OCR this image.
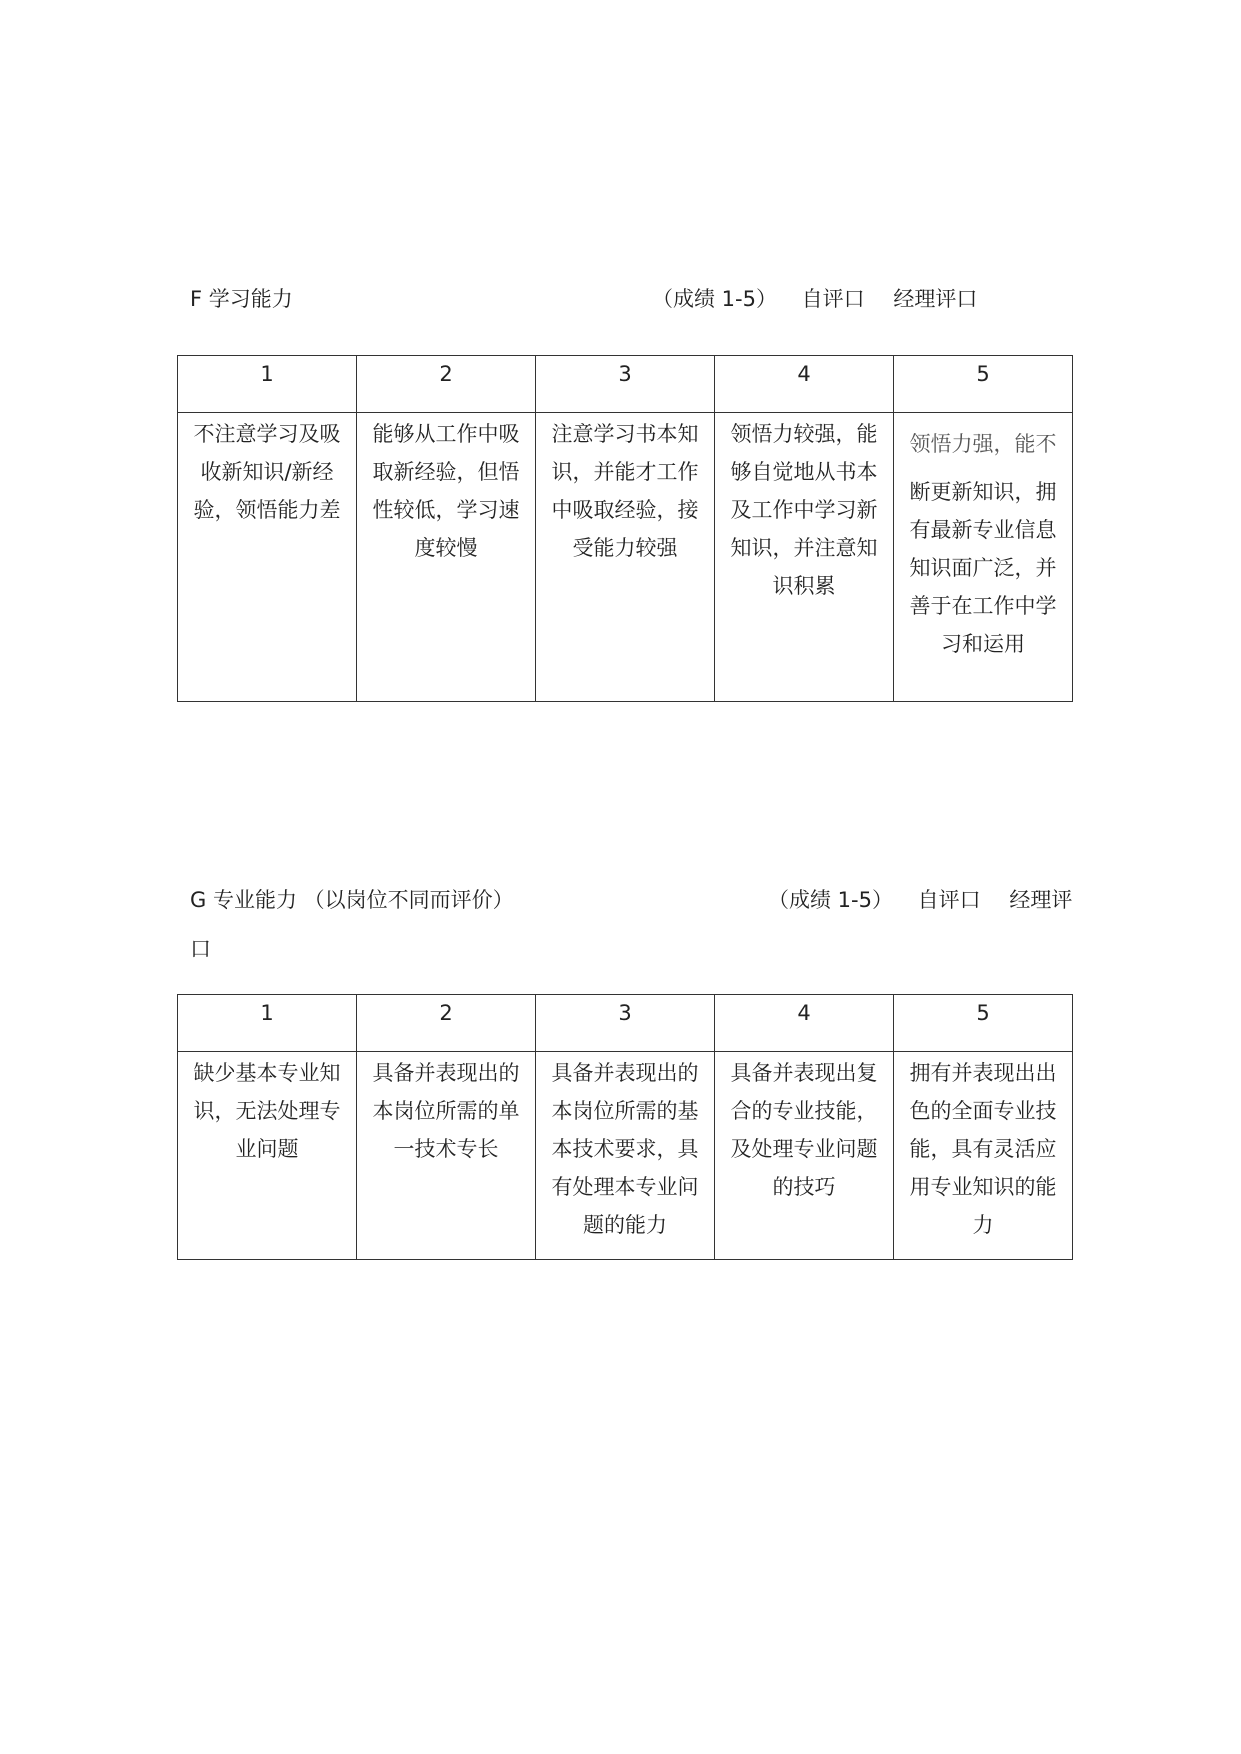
F 学习能力	（成绩 1-5） 自评口 经理评口
1	2	3	4	5
不注意学习及吸收新知识/新经验，领悟能力差	能够从工作中吸取新经验，但悟性较低，学习速度较慢	注意学习书本知识，并能才工作中吸取经验，接受能力较强	领悟力较强，能够自觉地从书本及工作中学习新知识，并注意知识积累	领悟力强，能不
断更新知识，拥有最新专业信息知识面广泛，并善于在工作中学习和运用
G 专业能力 （以岗位不同而评价）	（成绩 1-5） 自评口 经理评
口
1	2	3	4	5
缺少基本专业知识，无法处理专业问题	具备并表现出的本岗位所需的单一技术专长	具备并表现出的本岗位所需的基本技术要求，具有处理本专业问题的能力	具备并表现出复合的专业技能，及处理专业问题的技巧	拥有并表现出出色的全面专业技能，具有灵活应用专业知识的能力
